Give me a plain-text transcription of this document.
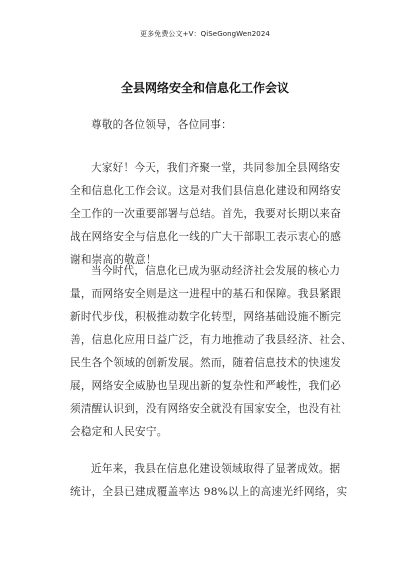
更多免费公文+V：QiSeGongWen2024
全县网络安全和信息化工作会议
尊敬的各位领导，各位同事：
大家好！今天，我们齐聚一堂，共同参加全县网络安
全和信息化工作会议。这是对我们县信息化建设和网络安
全工作的一次重要部署与总结。首先，我要对长期以来奋
战在网络安全与信息化一线的广大干部职工表示衷心的感
谢和崇高的敬意！
当今时代，信息化已成为驱动经济社会发展的核心力
量，而网络安全则是这一进程中的基石和保障。我县紧跟
新时代步伐，积极推动数字化转型，网络基础设施不断完
善，信息化应用日益广泛，有力地推动了我县经济、社会、
民生各个领域的创新发展。然而，随着信息技术的快速发
展，网络安全威胁也呈现出新的复杂性和严峻性，我们必
须清醒认识到，没有网络安全就没有国家安全，也没有社
会稳定和人民安宁。
近年来，我县在信息化建设领域取得了显著成效。据
统计，全县已建成覆盖率达 98%以上的高速光纤网络，实
